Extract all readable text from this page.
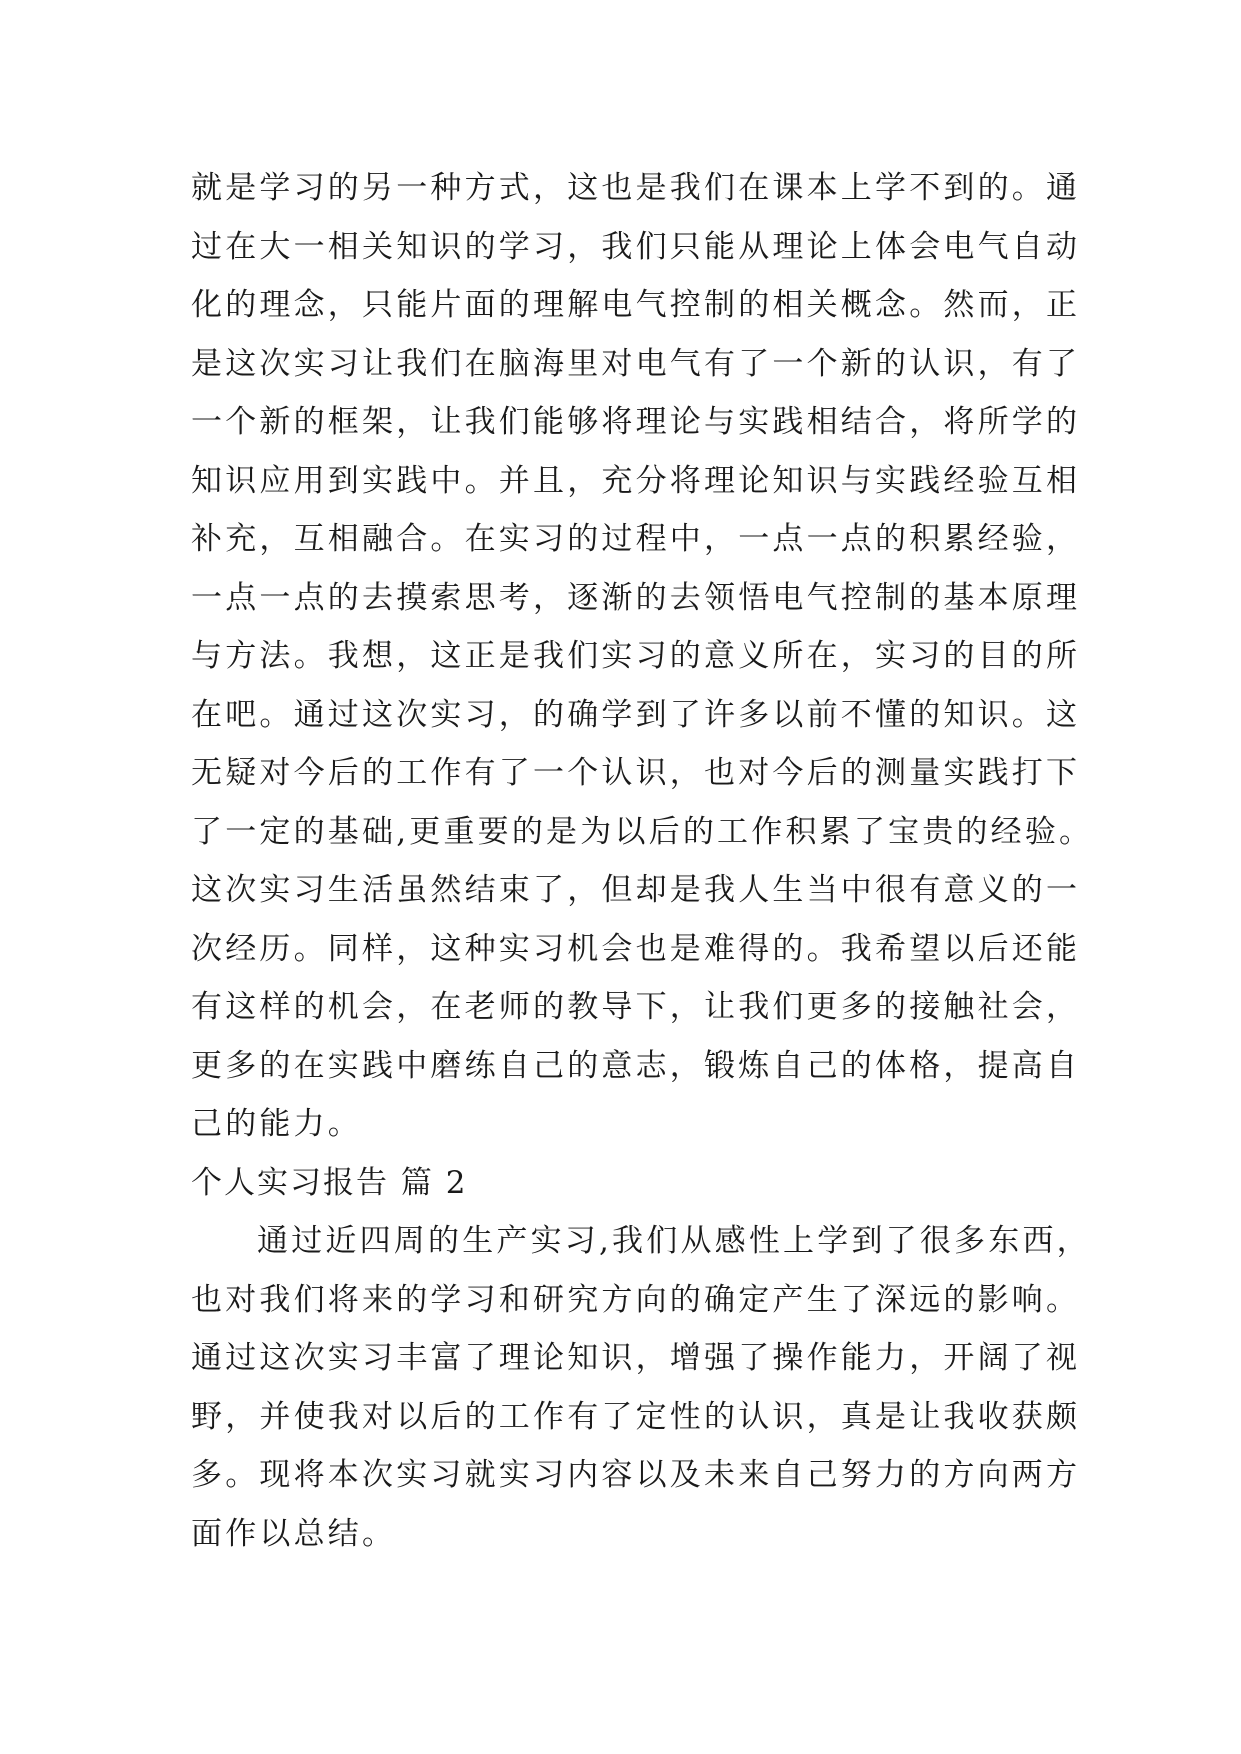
就是学习的另一种方式，这也是我们在课本上学不到的。通
过在大一相关知识的学习，我们只能从理论上体会电气自动
化的理念，只能片面的理解电气控制的相关概念。然而，正
是这次实习让我们在脑海里对电气有了一个新的认识，有了
一个新的框架，让我们能够将理论与实践相结合，将所学的
知识应用到实践中。并且，充分将理论知识与实践经验互相
补充，互相融合。在实习的过程中，一点一点的积累经验，
一点一点的去摸索思考，逐渐的去领悟电气控制的基本原理
与方法。我想，这正是我们实习的意义所在，实习的目的所
在吧。通过这次实习，的确学到了许多以前不懂的知识。这
无疑对今后的工作有了一个认识，也对今后的测量实践打下
了一定的基础,更重要的是为以后的工作积累了宝贵的经验。
这次实习生活虽然结束了，但却是我人生当中很有意义的一
次经历。同样，这种实习机会也是难得的。我希望以后还能
有这样的机会，在老师的教导下，让我们更多的接触社会，
更多的在实践中磨练自己的意志，锻炼自己的体格，提高自
己的能力。
个人实习报告 篇 2
通过近四周的生产实习,我们从感性上学到了很多东西，
也对我们将来的学习和研究方向的确定产生了深远的影响。
通过这次实习丰富了理论知识，增强了操作能力，开阔了视
野，并使我对以后的工作有了定性的认识，真是让我收获颇
多。现将本次实习就实习内容以及未来自己努力的方向两方
面作以总结。
